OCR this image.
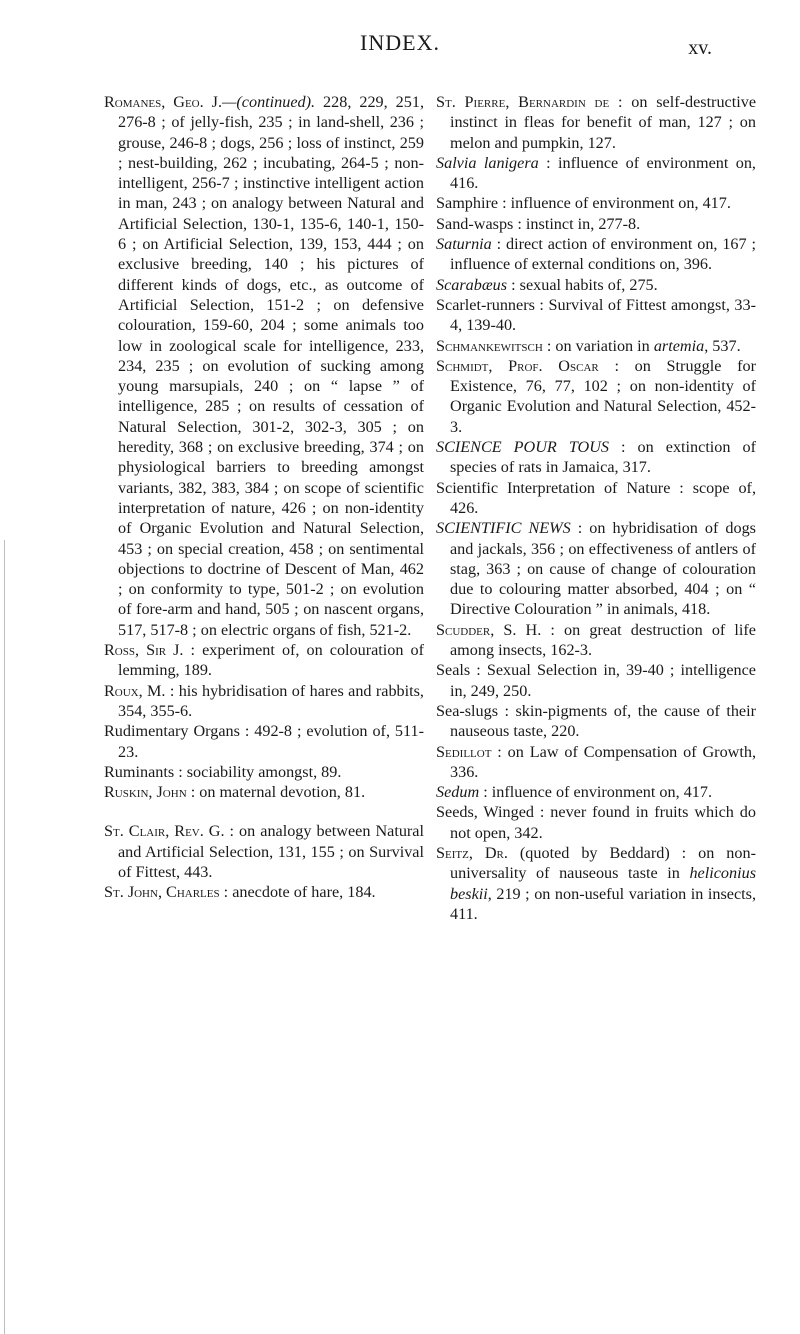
INDEX.	xv.

Romanes, Geo. J.—(continued). 228, 229, 251, 276-8 ; of jelly-fish, 235 ; in land-shell, 236 ; grouse, 246-8 ; dogs, 256 ; loss of instinct, 259 ; nest-building, 262 ; incubating, 264-5 ; non-intelligent, 256-7 ; instinctive intelligent action in man, 243 ; on analogy between Natural and Artificial Selection, 130-1, 135-6, 140-1, 150-6 ; on Artificial Selection, 139, 153, 444 ; on exclusive breeding, 140 ; his pictures of different kinds of dogs, etc., as outcome of Artificial Selection, 151-2 ; on defensive colouration, 159-60, 204 ; some animals too low in zoological scale for intelligence, 233, 234, 235 ; on evolution of sucking among young marsupials, 240 ; on “ lapse ” of intelligence, 285 ; on results of cessation of Natural Selection, 301-2, 302-3, 305 ; on heredity, 368 ; on exclusive breeding, 374 ; on physiological barriers to breeding amongst variants, 382, 383, 384 ; on scope of scientific interpretation of nature, 426 ; on non-identity of Organic Evolution and Natural Selection, 453 ; on special creation, 458 ; on sentimental objections to doctrine of Descent of Man, 462 ; on conformity to type, 501-2 ; on evolution of fore-arm and hand, 505 ; on nascent organs, 517, 517-8 ; on electric organs of fish, 521-2.

Ross, Sir J. : experiment of, on colouration of lemming, 189.

Roux, M. : his hybridisation of hares and rabbits, 354, 355-6.

Rudimentary Organs : 492-8 ; evolution of, 511-23.

Ruminants : sociability amongst, 89.

Ruskin, John : on maternal devotion, 81.

St. Clair, Rev. G. : on analogy between Natural and Artificial Selection, 131, 155 ; on Survival of Fittest, 443.

St. John, Charles : anecdote of hare, 184.

St. Pierre, Bernardin de : on self-destructive instinct in fleas for benefit of man, 127 ; on melon and pumpkin, 127.

Salvia lanigera : influence of environment on, 416.

Samphire : influence of environment on, 417.

Sand-wasps : instinct in, 277-8.

Saturnia : direct action of environment on, 167 ; influence of external conditions on, 396.

Scarabæus : sexual habits of, 275.

Scarlet-runners : Survival of Fittest amongst, 33-4, 139-40.

Schmankewitsch : on variation in artemia, 537.

Schmidt, Prof. Oscar : on Struggle for Existence, 76, 77, 102 ; on non-identity of Organic Evolution and Natural Selection, 452-3.

SCIENCE POUR TOUS : on extinction of species of rats in Jamaica, 317.

Scientific Interpretation of Nature : scope of, 426.

SCIENTIFIC NEWS : on hybridisation of dogs and jackals, 356 ; on effectiveness of antlers of stag, 363 ; on cause of change of colouration due to colouring matter absorbed, 404 ; on “ Directive Colouration ” in animals, 418.

Scudder, S. H. : on great destruction of life among insects, 162-3.

Seals : Sexual Selection in, 39-40 ; intelligence in, 249, 250.

Sea-slugs : skin-pigments of, the cause of their nauseous taste, 220.

Sedillot : on Law of Compensation of Growth, 336.

Sedum : influence of environment on, 417.

Seeds, Winged : never found in fruits which do not open, 342.

Seitz, Dr. (quoted by Beddard) : on non-universality of nauseous taste in heliconius beskii, 219 ; on non-useful variation in insects, 411.
